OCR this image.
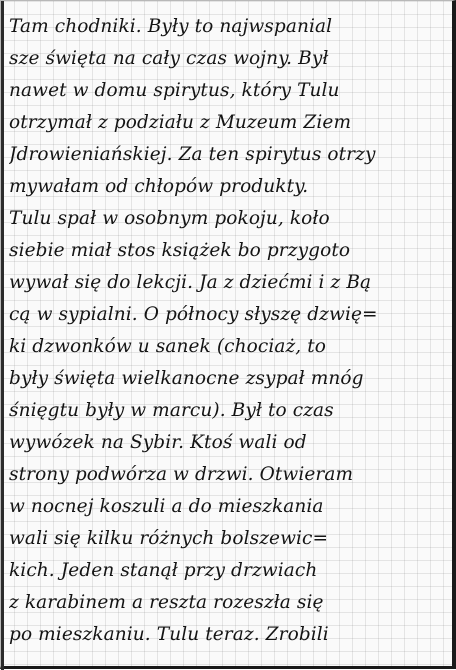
Tam chodniki. Były to najwspanial
sze święta na cały czas wojny. Był
nawet w domu spirytus, który Tulu
otrzymał z podziału z Muzeum Ziem
Jdrowieniańskiej. Za ten spirytus otrzy
mywałam od chłopów produkty.
Tulu spał w osobnym pokoju, koło
siebie miał stos książek bo przygoto
wywał się do lekcji. Ja z dziećmi i z Bą
cą w sypialni. O północy słyszę dzwię=
ki dzwonków u sanek (chociaż, to
były święta wielkanocne zsypał mnóg
śnięgtu były w marcu). Był to czas
wywózek na Sybir. Ktoś wali od
strony podwórza w drzwi. Otwieram
w nocnej koszuli a do mieszkania
wali się kilku różnych bolszewic=
kich. Jeden stanął przy drzwiach
z karabinem a reszta rozeszła się
po mieszkaniu. Tulu teraz. Zrobili
